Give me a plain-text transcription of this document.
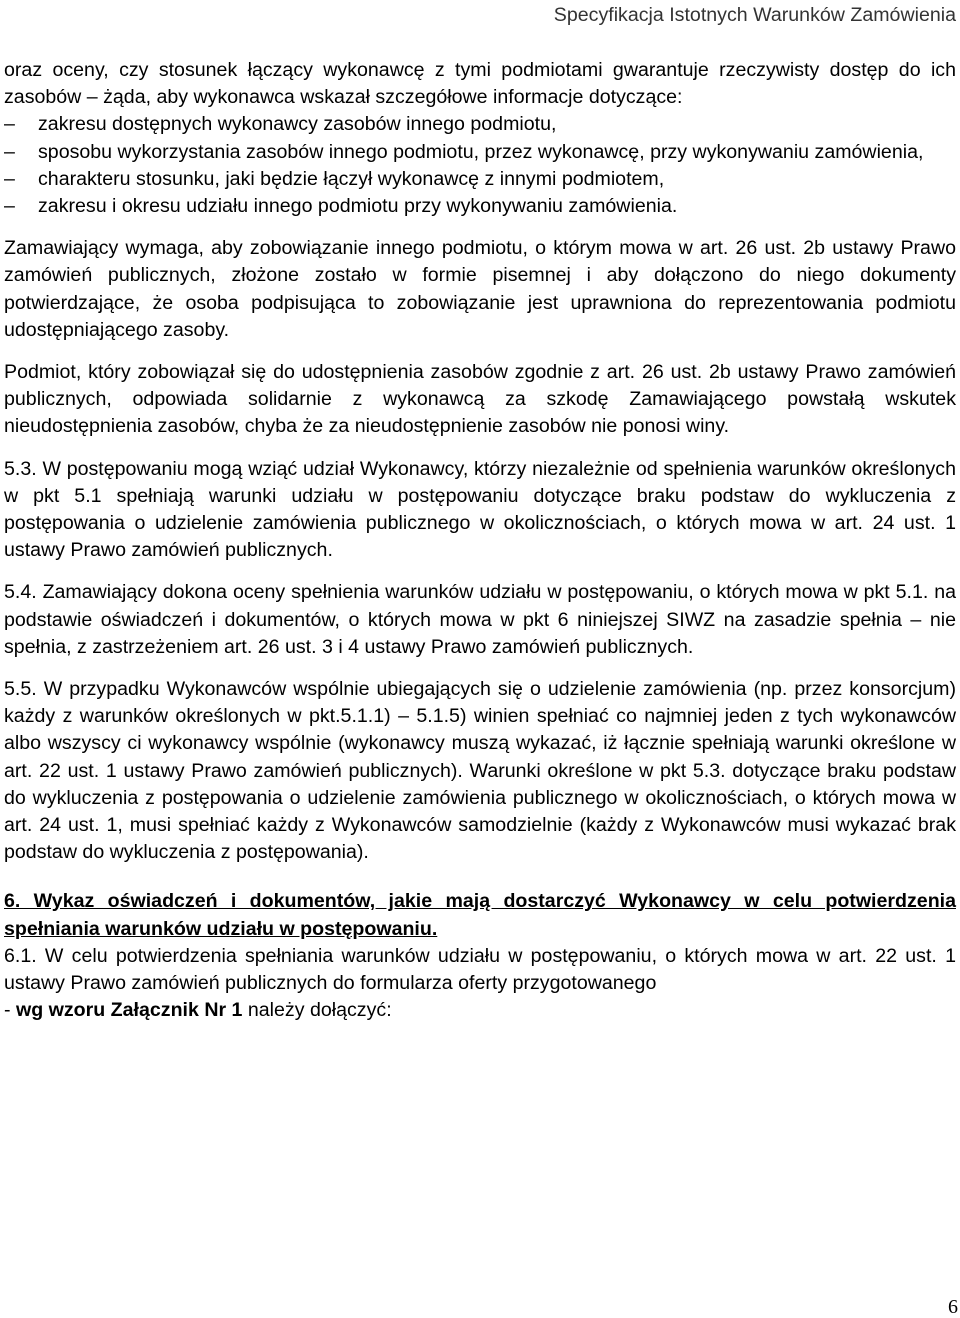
Specyfikacja Istotnych Warunków Zamówienia

oraz oceny, czy stosunek łączący wykonawcę z tymi podmiotami gwarantuje rzeczywisty dostęp do ich zasobów – żąda, aby wykonawca wskazał szczegółowe informacje dotyczące:

– zakresu dostępnych wykonawcy zasobów innego podmiotu,
– sposobu wykorzystania zasobów innego podmiotu, przez wykonawcę, przy wykonywaniu zamówienia,
– charakteru stosunku, jaki będzie łączył wykonawcę z innymi podmiotem,
– zakresu i okresu udziału innego podmiotu przy wykonywaniu zamówienia.

Zamawiający wymaga, aby zobowiązanie innego podmiotu, o którym mowa w art. 26 ust. 2b ustawy Prawo zamówień publicznych, złożone zostało w formie pisemnej i aby dołączono do niego dokumenty potwierdzające, że osoba podpisująca to zobowiązanie jest uprawniona do reprezentowania podmiotu udostępniającego zasoby.

Podmiot, który zobowiązał się do udostępnienia zasobów zgodnie z art. 26 ust. 2b ustawy Prawo zamówień publicznych, odpowiada solidarnie z wykonawcą za szkodę Zamawiającego powstałą wskutek nieudostępnienia zasobów, chyba że za nieudostępnienie zasobów nie ponosi winy.

5.3. W postępowaniu mogą wziąć udział Wykonawcy, którzy niezależnie od spełnienia warunków określonych w pkt 5.1 spełniają warunki udziału w postępowaniu dotyczące braku podstaw do wykluczenia z postępowania o udzielenie zamówienia publicznego w okolicznościach, o których mowa w art. 24 ust. 1 ustawy Prawo zamówień publicznych.

5.4. Zamawiający dokona oceny spełnienia warunków udziału w postępowaniu, o których mowa w pkt 5.1. na podstawie oświadczeń i dokumentów, o których mowa w pkt 6 niniejszej SIWZ na zasadzie spełnia – nie spełnia, z zastrzeżeniem art. 26 ust. 3 i 4 ustawy Prawo zamówień publicznych.

5.5. W przypadku Wykonawców wspólnie ubiegających się o udzielenie zamówienia (np. przez konsorcjum) każdy z warunków określonych w pkt.5.1.1) – 5.1.5) winien spełniać co najmniej jeden z tych wykonawców albo wszyscy ci wykonawcy wspólnie (wykonawcy muszą wykazać, iż łącznie spełniają warunki określone w art. 22 ust. 1 ustawy Prawo zamówień publicznych). Warunki określone w pkt 5.3. dotyczące braku podstaw do wykluczenia z postępowania o udzielenie zamówienia publicznego w okolicznościach, o których mowa w art. 24 ust. 1, musi spełniać każdy z Wykonawców samodzielnie (każdy z Wykonawców musi wykazać brak podstaw do wykluczenia z postępowania).

6. Wykaz oświadczeń i dokumentów, jakie mają dostarczyć Wykonawcy w celu potwierdzenia spełniania warunków udziału w postępowaniu.

6.1. W celu potwierdzenia spełniania warunków udziału w postępowaniu, o których mowa w art. 22 ust. 1 ustawy Prawo zamówień publicznych do formularza oferty przygotowanego
- wg wzoru Załącznik Nr 1 należy dołączyć:

6
